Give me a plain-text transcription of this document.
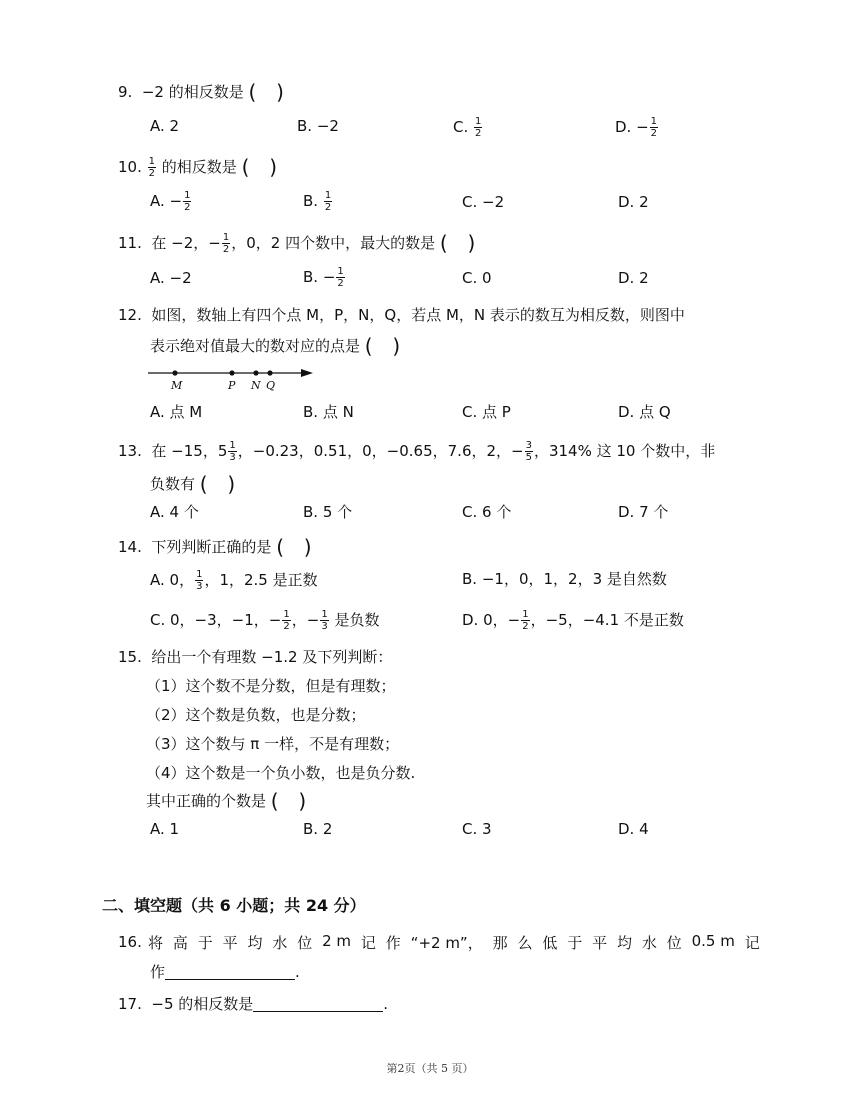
9. −2 的相反数是 (  )
A. 2	B. −2	C. $\frac{1}{2}$	D. − $\frac{1}{2}$
10. $\frac{1}{2}$ 的相反数是 (  )
A. − $\frac{1}{2}$	B. $\frac{1}{2}$	C. −2	D. 2
11. 在 −2，− $\frac{1}{2}$ ，0，2 四个数中，最大的数是 (  )
A. −2	B. − $\frac{1}{2}$	C. 0	D. 2
12. 如图，数轴上有四个点 M，P，N，Q，若点 M，N 表示的数互为相反数，则图中
表示绝对值最大的数对应的点是 (  )
M	P N Q
A. 点 M	B. 点 N	C. 点 P	D. 点 Q
13. 在 −15，$5 \frac{1}{3}$ ，−0.23，0.51，0，−0.65，7.6，2，− $\frac{3}{5}$ ，314% 这 10 个数中，非
负数有 (  )
A. 4 个	B. 5 个	C. 6 个	D. 7 个
14. 下列判断正确的是 (  )
A. 0， $\frac{1}{3}$ ，1，2.5 是正数	B. −1，0，1，2，3 是自然数
C. 0，−3，−1，− $\frac{1}{2}$ ，− $\frac{1}{3}$ 是负数	D. 0，− $\frac{1}{2}$ ，−5，−4.1 不是正数
15. 给出一个有理数 −1.2 及下列判断：
（1）这个数不是分数，但是有理数；
（2）这个数是负数，也是分数；
（3）这个数与 π 一样，不是有理数；
（4）这个数是一个负小数，也是负分数.
其中正确的个数是 (  )
A. 1	B. 2	C. 3	D. 4
二、填空题（共 6 小题；共 24 分）
16. 将 高 于 平 均 水 位 2 m 记 作 “+2 m”， 那 么 低 于 平 均 水 位 0.5 m 记
作	.
17. −5 的相反数是	.
第2页（共 5 页）
